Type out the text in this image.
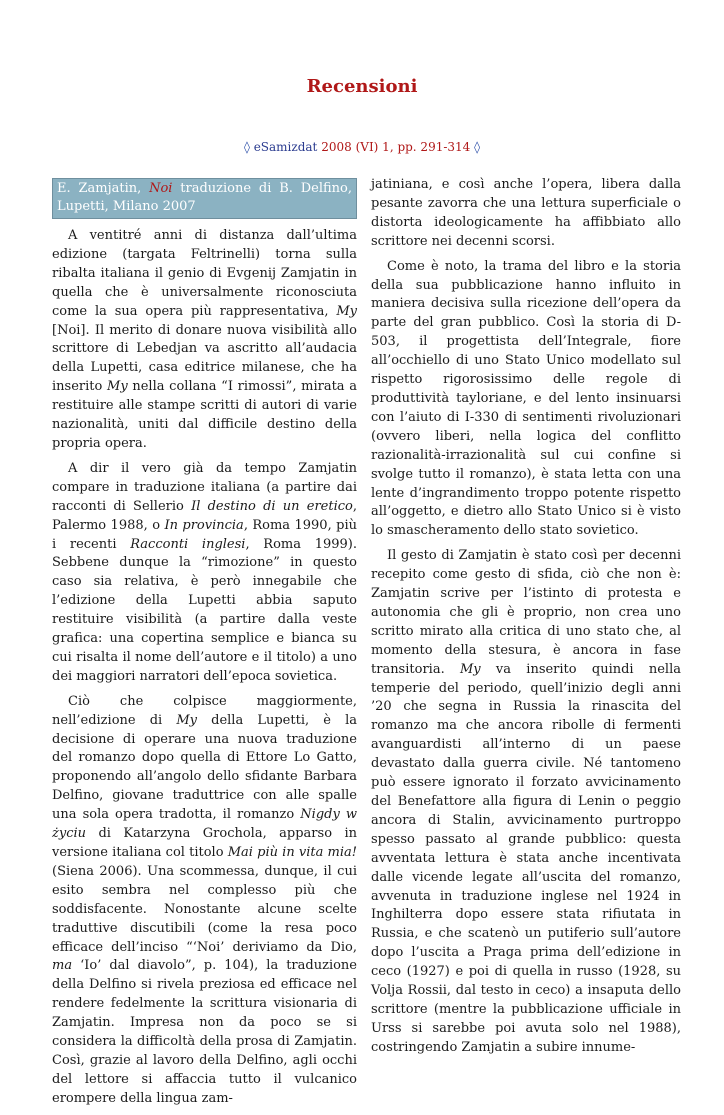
Recensioni
◊ eSamizdat 2008 (VI) 1, pp. 291-314 ◊
E. Zamjatin, Noi traduzione di B. Delfino, Lupetti, Milano 2007

A ventitré anni di distanza dall’ultima edizione (targata Feltrinelli) torna sulla ribalta italiana il genio di Evgenij Zamjatin in quella che è universalmente riconosciuta come la sua opera più rappresentativa, My [Noi]. Il merito di donare nuova visibilità allo scrittore di Lebedjan va ascritto all’audacia della Lupetti, casa editrice milanese, che ha inserito My nella collana “I rimossi”, mirata a restituire alle stampe scritti di autori di varie nazionalità, uniti dal difficile destino della propria opera.

A dir il vero già da tempo Zamjatin compare in traduzione italiana (a partire dai racconti di Sellerio Il destino di un eretico, Palermo 1988, o In provincia, Roma 1990, più i recenti Racconti inglesi, Roma 1999). Sebbene dunque la “rimozione” in questo caso sia relativa, è però innegabile che l’edizione della Lupetti abbia saputo restituire visibilità (a partire dalla veste grafica: una copertina semplice e bianca su cui risalta il nome dell’autore e il titolo) a uno dei maggiori narratori dell’epoca sovietica.

Ciò che colpisce maggiormente, nell’edizione di My della Lupetti, è la decisione di operare una nuova traduzione del romanzo dopo quella di Ettore Lo Gatto, proponendo all’angolo dello sfidante Barbara Delfino, giovane traduttrice con alle spalle una sola opera tradotta, il romanzo Nigdy w życiu di Katarzyna Grochola, apparso in versione italiana col titolo Mai più in vita mia! (Siena 2006). Una scommessa, dunque, il cui esito sembra nel complesso più che soddisfacente. Nonostante alcune scelte traduttive discutibili (come la resa poco efficace dell’inciso “‘Noi’ deriviamo da Dio, ma ‘Io’ dal diavolo”, p. 104), la traduzione della Delfino si rivela preziosa ed efficace nel rendere fedelmente la scrittura visionaria di Zamjatin. Impresa non da poco se si considera la difficoltà della prosa di Zamjatin. Così, grazie al lavoro della Delfino, agli occhi del lettore si affaccia tutto il vulcanico erompere della lingua zam-

jatiniana, e così anche l’opera, libera dalla pesante zavorra che una lettura superficiale o distorta ideologicamente ha affibbiato allo scrittore nei decenni scorsi.

Come è noto, la trama del libro e la storia della sua pubblicazione hanno influito in maniera decisiva sulla ricezione dell’opera da parte del gran pubblico. Così la storia di D-503, il progettista dell’Integrale, fiore all’occhiello di uno Stato Unico modellato sul rispetto rigorosissimo delle regole di produttività tayloriane, e del lento insinuarsi con l’aiuto di I-330 di sentimenti rivoluzionari (ovvero liberi, nella logica del conflitto razionalità-irrazionalità sul cui confine si svolge tutto il romanzo), è stata letta con una lente d’ingrandimento troppo potente rispetto all’oggetto, e dietro allo Stato Unico si è visto lo smascheramento dello stato sovietico.

Il gesto di Zamjatin è stato così per decenni recepito come gesto di sfida, ciò che non è: Zamjatin scrive per l’istinto di protesta e autonomia che gli è proprio, non crea uno scritto mirato alla critica di uno stato che, al momento della stesura, è ancora in fase transitoria. My va inserito quindi nella temperie del periodo, quell’inizio degli anni ’20 che segna in Russia la rinascita del romanzo ma che ancora ribolle di fermenti avanguardisti all’interno di un paese devastato dalla guerra civile. Né tantomeno può essere ignorato il forzato avvicinamento del Benefattore alla figura di Lenin o peggio ancora di Stalin, avvicinamento purtroppo spesso passato al grande pubblico: questa avventata lettura è stata anche incentivata dalle vicende legate all’uscita del romanzo, avvenuta in traduzione inglese nel 1924 in Inghilterra dopo essere stata rifiutata in Russia, e che scatenò un putiferio sull’autore dopo l’uscita a Praga prima dell’edizione in ceco (1927) e poi di quella in russo (1928, su Volja Rossii, dal testo in ceco) a insaputa dello scrittore (mentre la pubblicazione ufficiale in Urss si sarebbe poi avuta solo nel 1988), costringendo Zamjatin a subire innume-
